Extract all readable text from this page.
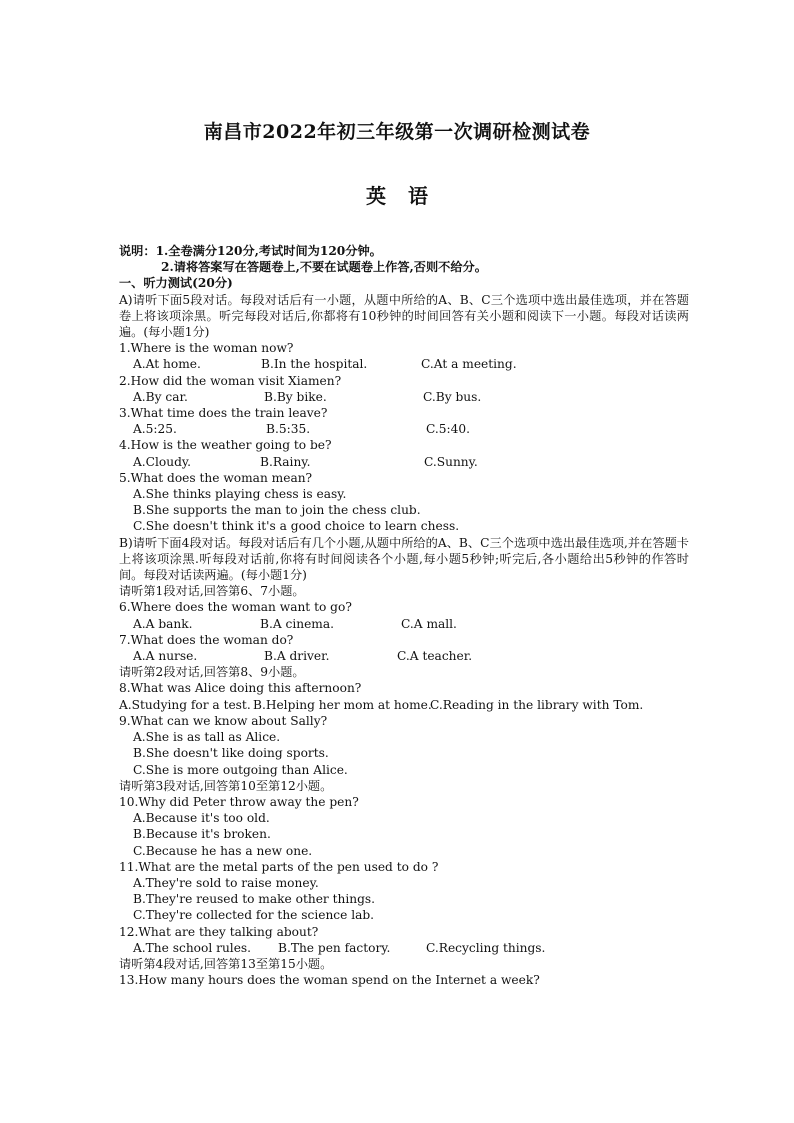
南昌市2022年初三年级第一次调研检测试卷
英语
说明：1.全卷满分120分,考试时间为120分钟。
2.请将答案写在答题卷上,不要在试题卷上作答,否则不给分。
一、听力测试(20分)
A)请听下面5段对话。每段对话后有一小题，从题中所给的A、B、C三个选项中选出最佳选项，并在答题卷上将该项涂黑。听完每段对话后,你都将有10秒钟的时间回答有关小题和阅读下一小题。每段对话读两遍。(每小题1分)
1.Where is the woman now?
A.At home.	B.In the hospital.	C.At a meeting.
2.How did the woman visit Xiamen?
A.By car.	B.By bike.	C.By bus.
3.What time does the train leave?
A.5:25.	B.5:35.	C.5:40.
4.How is the weather going to be?
A.Cloudy.	B.Rainy.	C.Sunny.
5.What does the woman mean?
A.She thinks playing chess is easy.
B.She supports the man to join the chess club.
C.She doesn't think it's a good choice to learn chess.
B)请听下面4段对话。每段对话后有几个小题,从题中所给的A、B、C三个选项中选出最佳选项,并在答题卡上将该项涂黑.听每段对话前,你将有时间阅读各个小题,每小题5秒钟;听完后,各小题给出5秒钟的作答时间。每段对话读两遍。(每小题1分)
请听第1段对话,回答第6、7小题。
6.Where does the woman want to go?
A.A bank.	B.A cinema.	C.A mall.
7.What does the woman do?
A.A nurse.	B.A driver.	C.A teacher.
请听第2段对话,回答第8、9小题。
8.What was Alice doing this afternoon?
A.Studying for a test. B.Helping her mom at home.
C.Reading in the library with Tom.
9.What can we know about Sally?
A.She is as tall as Alice.
B.She doesn't like doing sports.
C.She is more outgoing than Alice.
请听第3段对话,回答第10至第12小题。
10.Why did Peter throw away the pen?
A.Because it's too old.
B.Because it's broken.
C.Because he has a new one.
11.What are the metal parts of the pen used to do ?
A.They're sold to raise money.
B.They're reused to make other things.
C.They're collected for the science lab.
12.What are they talking about?
A.The school rules.	B.The pen factory.	C.Recycling things.
请听第4段对话,回答第13至第15小题。
13.How many hours does the woman spend on the Internet a week?
